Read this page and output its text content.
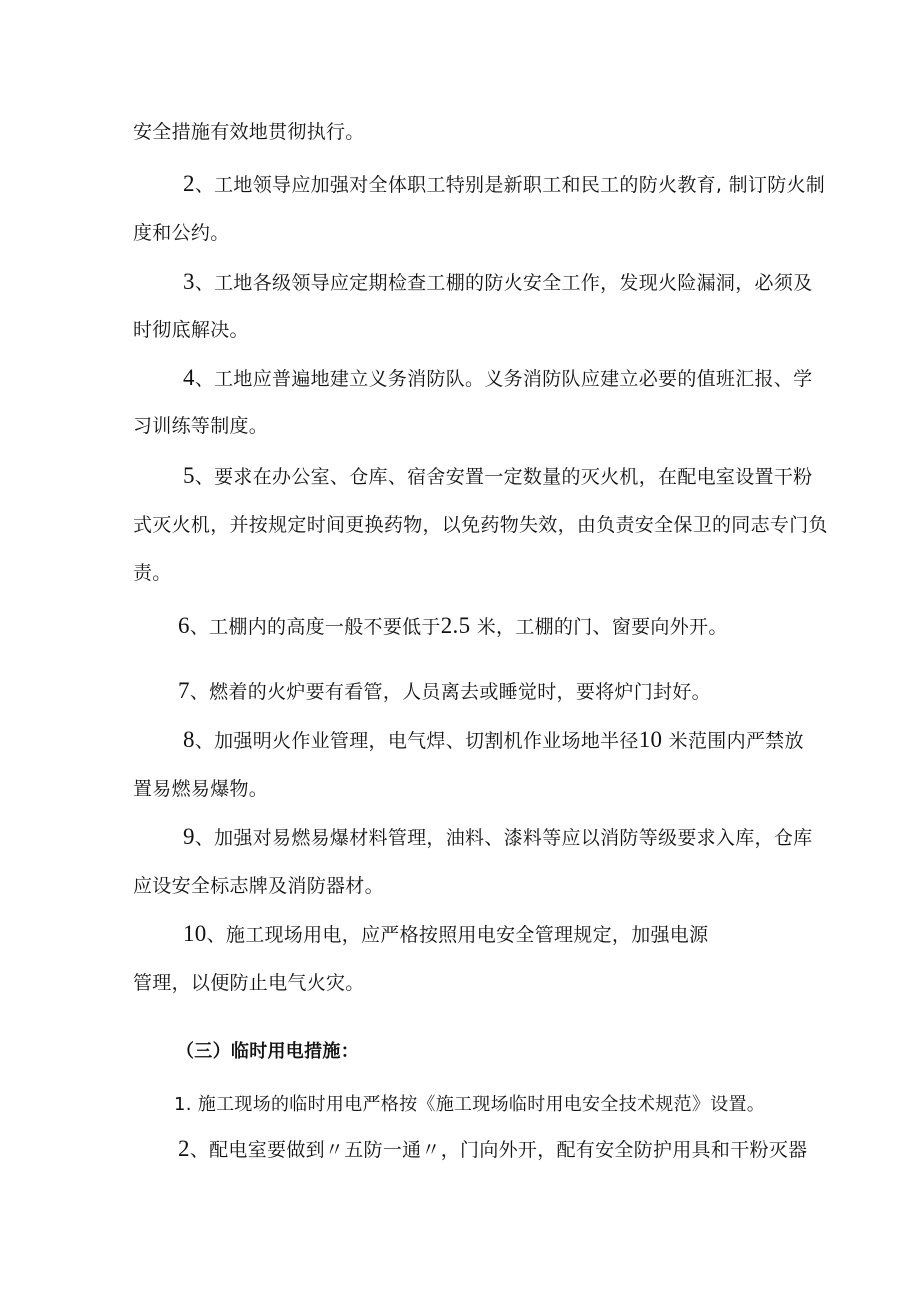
安全措施有效地贯彻执行。
2、工地领导应加强对全体职工特别是新职工和民工的防火教育, 制订防火制
度和公约。
3、工地各级领导应定期检查工棚的防火安全工作，发现火险漏洞，必须及
时彻底解决。
4、工地应普遍地建立义务消防队。义务消防队应建立必要的值班汇报、学
习训练等制度。
5、要求在办公室、仓库、宿舍安置一定数量的灭火机，在配电室设置干粉
式灭火机，并按规定时间更换药物，以免药物失效，由负责安全保卫的同志专门负
责。
6、工棚内的高度一般不要低于2.5 米，工棚的门、窗要向外开。
7、燃着的火炉要有看管，人员离去或睡觉时，要将炉门封好。
8、加强明火作业管理，电气焊、切割机作业场地半径10 米范围内严禁放
置易燃易爆物。
9、加强对易燃易爆材料管理，油料、漆料等应以消防等级要求入库，仓库
应设安全标志牌及消防器材。
10、施工现场用电，应严格按照用电安全管理规定，加强电源
管理，以便防止电气火灾。
（三）临时用电措施：
1. 施工现场的临时用电严格按《施工现场临时用电安全技术规范》设置。
2、配电室要做到〃五防一通〃，门向外开，配有安全防护用具和干粉灭器
